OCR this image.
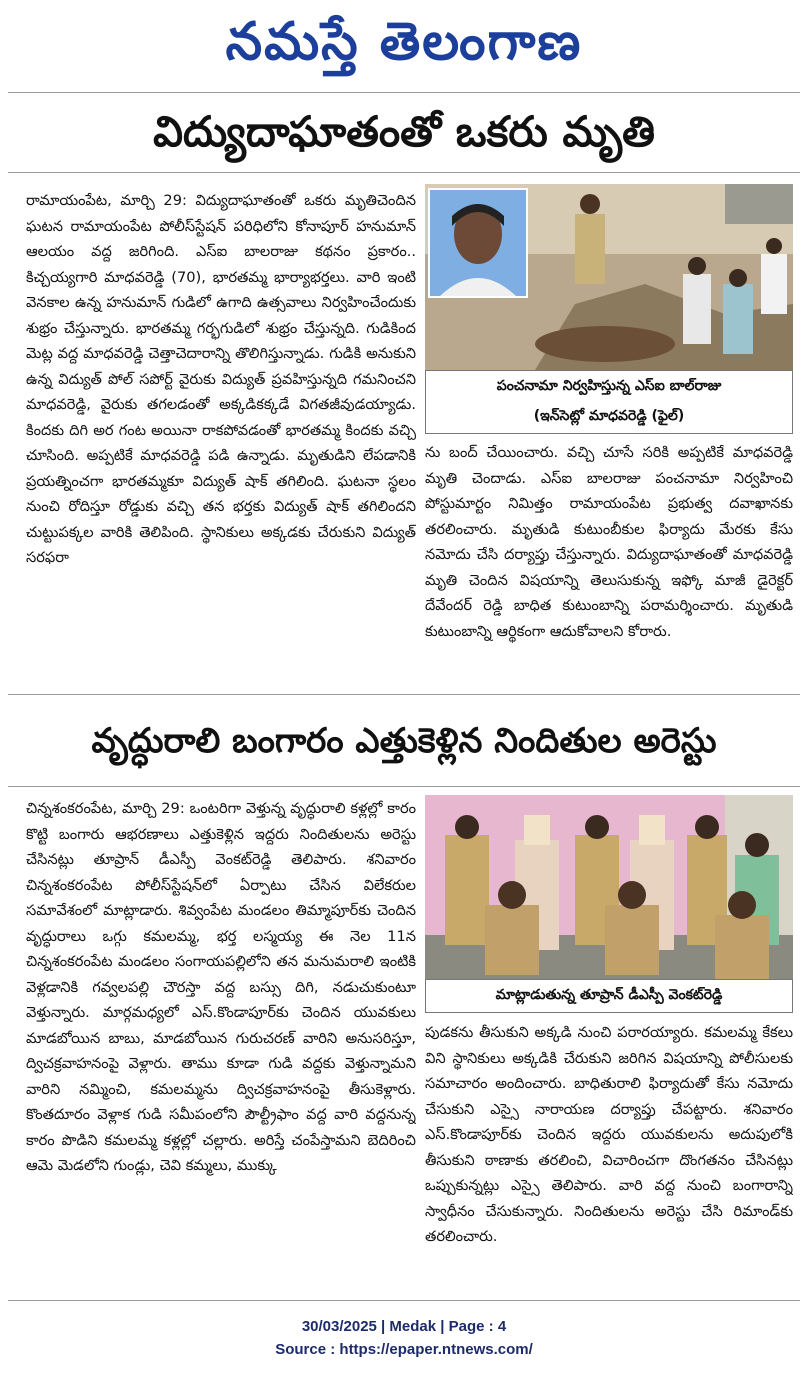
నమస్తే తెలంగాణ
విద్యుదాఘాతంతో ఒకరు మృతి

రామాయంపేట, మార్చి 29: విద్యుదాఘాతంతో ఒకరు మృతిచెందిన ఘటన రామాయంపేట పోలీస్‌స్టేషన్ పరిధిలోని కోనాపూర్ హనుమాన్ ఆలయం వద్ద జరిగింది. ఎస్ఐ బాలరాజు కథనం ప్రకారం.. కిచ్చయ్యగారి మాధవరెడ్డి (70), భారతమ్మ భార్యాభర్తలు. వారి ఇంటి వెనకాల ఉన్న హనుమాన్ గుడిలో ఉగాది ఉత్సవాలు నిర్వహించేందుకు శుభ్రం చేస్తున్నారు. భారతమ్మ గర్భగుడిలో శుభ్రం చేస్తున్నది. గుడికింద మెట్ల వద్ద మాధవరెడ్డి చెత్తాచెదారాన్ని తొలిగిస్తున్నాడు. గుడికి అనుకుని ఉన్న విద్యుత్ పోల్ సపోర్ట్ వైరుకు విద్యుత్ ప్రవహిస్తున్నది గమనించని మాధవరెడ్డి, వైరుకు తగలడంతో అక్కడికక్కడే విగతజీవుడయ్యాడు. కిందకు దిగి అర గంట అయినా రాకపోవడంతో భారతమ్మ కిందకు వచ్చి చూసింది. అప్పటికే మాధవరెడ్డి పడి ఉన్నాడు. మృతుడిని లేపడానికి ప్రయత్నించగా భారతమ్మకూ విద్యుత్ షాక్ తగిలింది. ఘటనా స్థలం నుంచి రోదిస్తూ రోడ్డుకు వచ్చి తన భర్తకు విద్యుత్ షాక్ తగిలిందని చుట్టుపక్కల వారికి తెలిపింది. స్థానికులు అక్కడకు చేరుకుని విద్యుత్ సరఫరా

పంచనామా నిర్వహిస్తున్న ఎస్ఐ బాల్‌రాజు
(ఇన్‌సెట్లో మాధవరెడ్డి (ఫైల్)

ను బంద్ చేయించారు. వచ్చి చూసే సరికి అప్పటికే మాధవరెడ్డి మృతి చెందాడు. ఎస్ఐ బాలరాజు పంచనామా నిర్వహించి పోస్టుమార్టం నిమిత్తం రామాయంపేట ప్రభుత్వ దవాఖానకు తరలించారు. మృతుడి కుటుంబీకుల ఫిర్యాదు మేరకు కేసు నమోదు చేసి దర్యాప్తు చేస్తున్నారు. విద్యుదాఘాతంతో మాధవరెడ్డి మృతి చెందిన విషయాన్ని తెలుసుకున్న ఇఫ్కో మాజీ డైరెక్టర్ దేవేందర్ రెడ్డి బాధిత కుటుంబాన్ని పరామర్శించారు. మృతుడి కుటుంబాన్ని ఆర్థికంగా ఆదుకోవాలని కోరారు.

వృద్ధురాలి బంగారం ఎత్తుకెళ్లిన నిందితుల అరెస్టు

చిన్నశంకరంపేట, మార్చి 29: ఒంటరిగా వెళ్తున్న వృద్ధురాలి కళ్లల్లో కారం కొట్టి బంగారు ఆభరణాలు ఎత్తుకెళ్లిన ఇద్దరు నిందితులను అరెస్టు చేసినట్లు తూప్రాన్ డీఎస్పీ వెంకట్‌రెడ్డి తెలిపారు. శనివారం చిన్నశంకరంపేట పోలీస్‌స్టేషన్‌లో ఏర్పాటు చేసిన విలేకరుల సమావేశంలో మాట్లాడారు. శివ్వంపేట మండలం తిమ్మాపూర్‌కు చెందిన వృద్ధురాలు ఒగ్గు కమలమ్మ, భర్త లస్మయ్య ఈ నెల 11న చిన్నశంకరంపేట మండలం సంగాయపల్లిలోని తన మనుమరాలి ఇంటికి వెళ్లడానికి గవ్వలపల్లి చౌరస్తా వద్ద బస్సు దిగి, నడుచుకుంటూ వెళ్తున్నారు. మార్గమధ్యలో ఎస్.కొండాపూర్‌కు చెందిన యువకులు మాడబోయిన బాబు, మాడబోయిన గురుచరణ్ వారిని అనుసరిస్తూ, ద్విచక్రవాహనంపై వెళ్లారు. తాము కూడా గుడి వద్దకు వెళ్తున్నామని వారిని నమ్మించి, కమలమ్మను ద్విచక్రవాహనంపై తీసుకెళ్లారు. కొంతదూరం వెళ్లాక గుడి సమీపంలోని పౌల్ట్రీఫాం వద్ద వారి వద్దనున్న కారం పొడిని కమలమ్మ కళ్లల్లో చల్లారు. అరిస్తే చంపేస్తామని బెదిరించి ఆమె మెడలోని గుండ్లు, చెవి కమ్మలు, ముక్కు

మాట్లాడుతున్న తూప్రాన్ డీఎస్పీ వెంకట్‌రెడ్డి

పుడకను తీసుకుని అక్కడి నుంచి పరారయ్యారు. కమలమ్మ కేకలు విని స్థానికులు అక్కడికి చేరుకుని జరిగిన విషయాన్ని పోలీసులకు సమాచారం అందించారు. బాధితురాలి ఫిర్యాదుతో కేసు నమోదు చేసుకుని ఎస్సై నారాయణ దర్యాప్తు చేపట్టారు. శనివారం ఎస్.కొండాపూర్‌కు చెందిన ఇద్దరు యువకులను అదుపులోకి తీసుకుని ఠాణాకు తరలించి, విచారించగా దొంగతనం చేసినట్లు ఒప్పుకున్నట్లు ఎస్సై తెలిపారు. వారి వద్ద నుంచి బంగారాన్ని స్వాధీనం చేసుకున్నారు. నిందితులను అరెస్టు చేసి రిమాండ్‌కు తరలించారు.

30/03/2025 | Medak | Page : 4
Source : https://epaper.ntnews.com/
